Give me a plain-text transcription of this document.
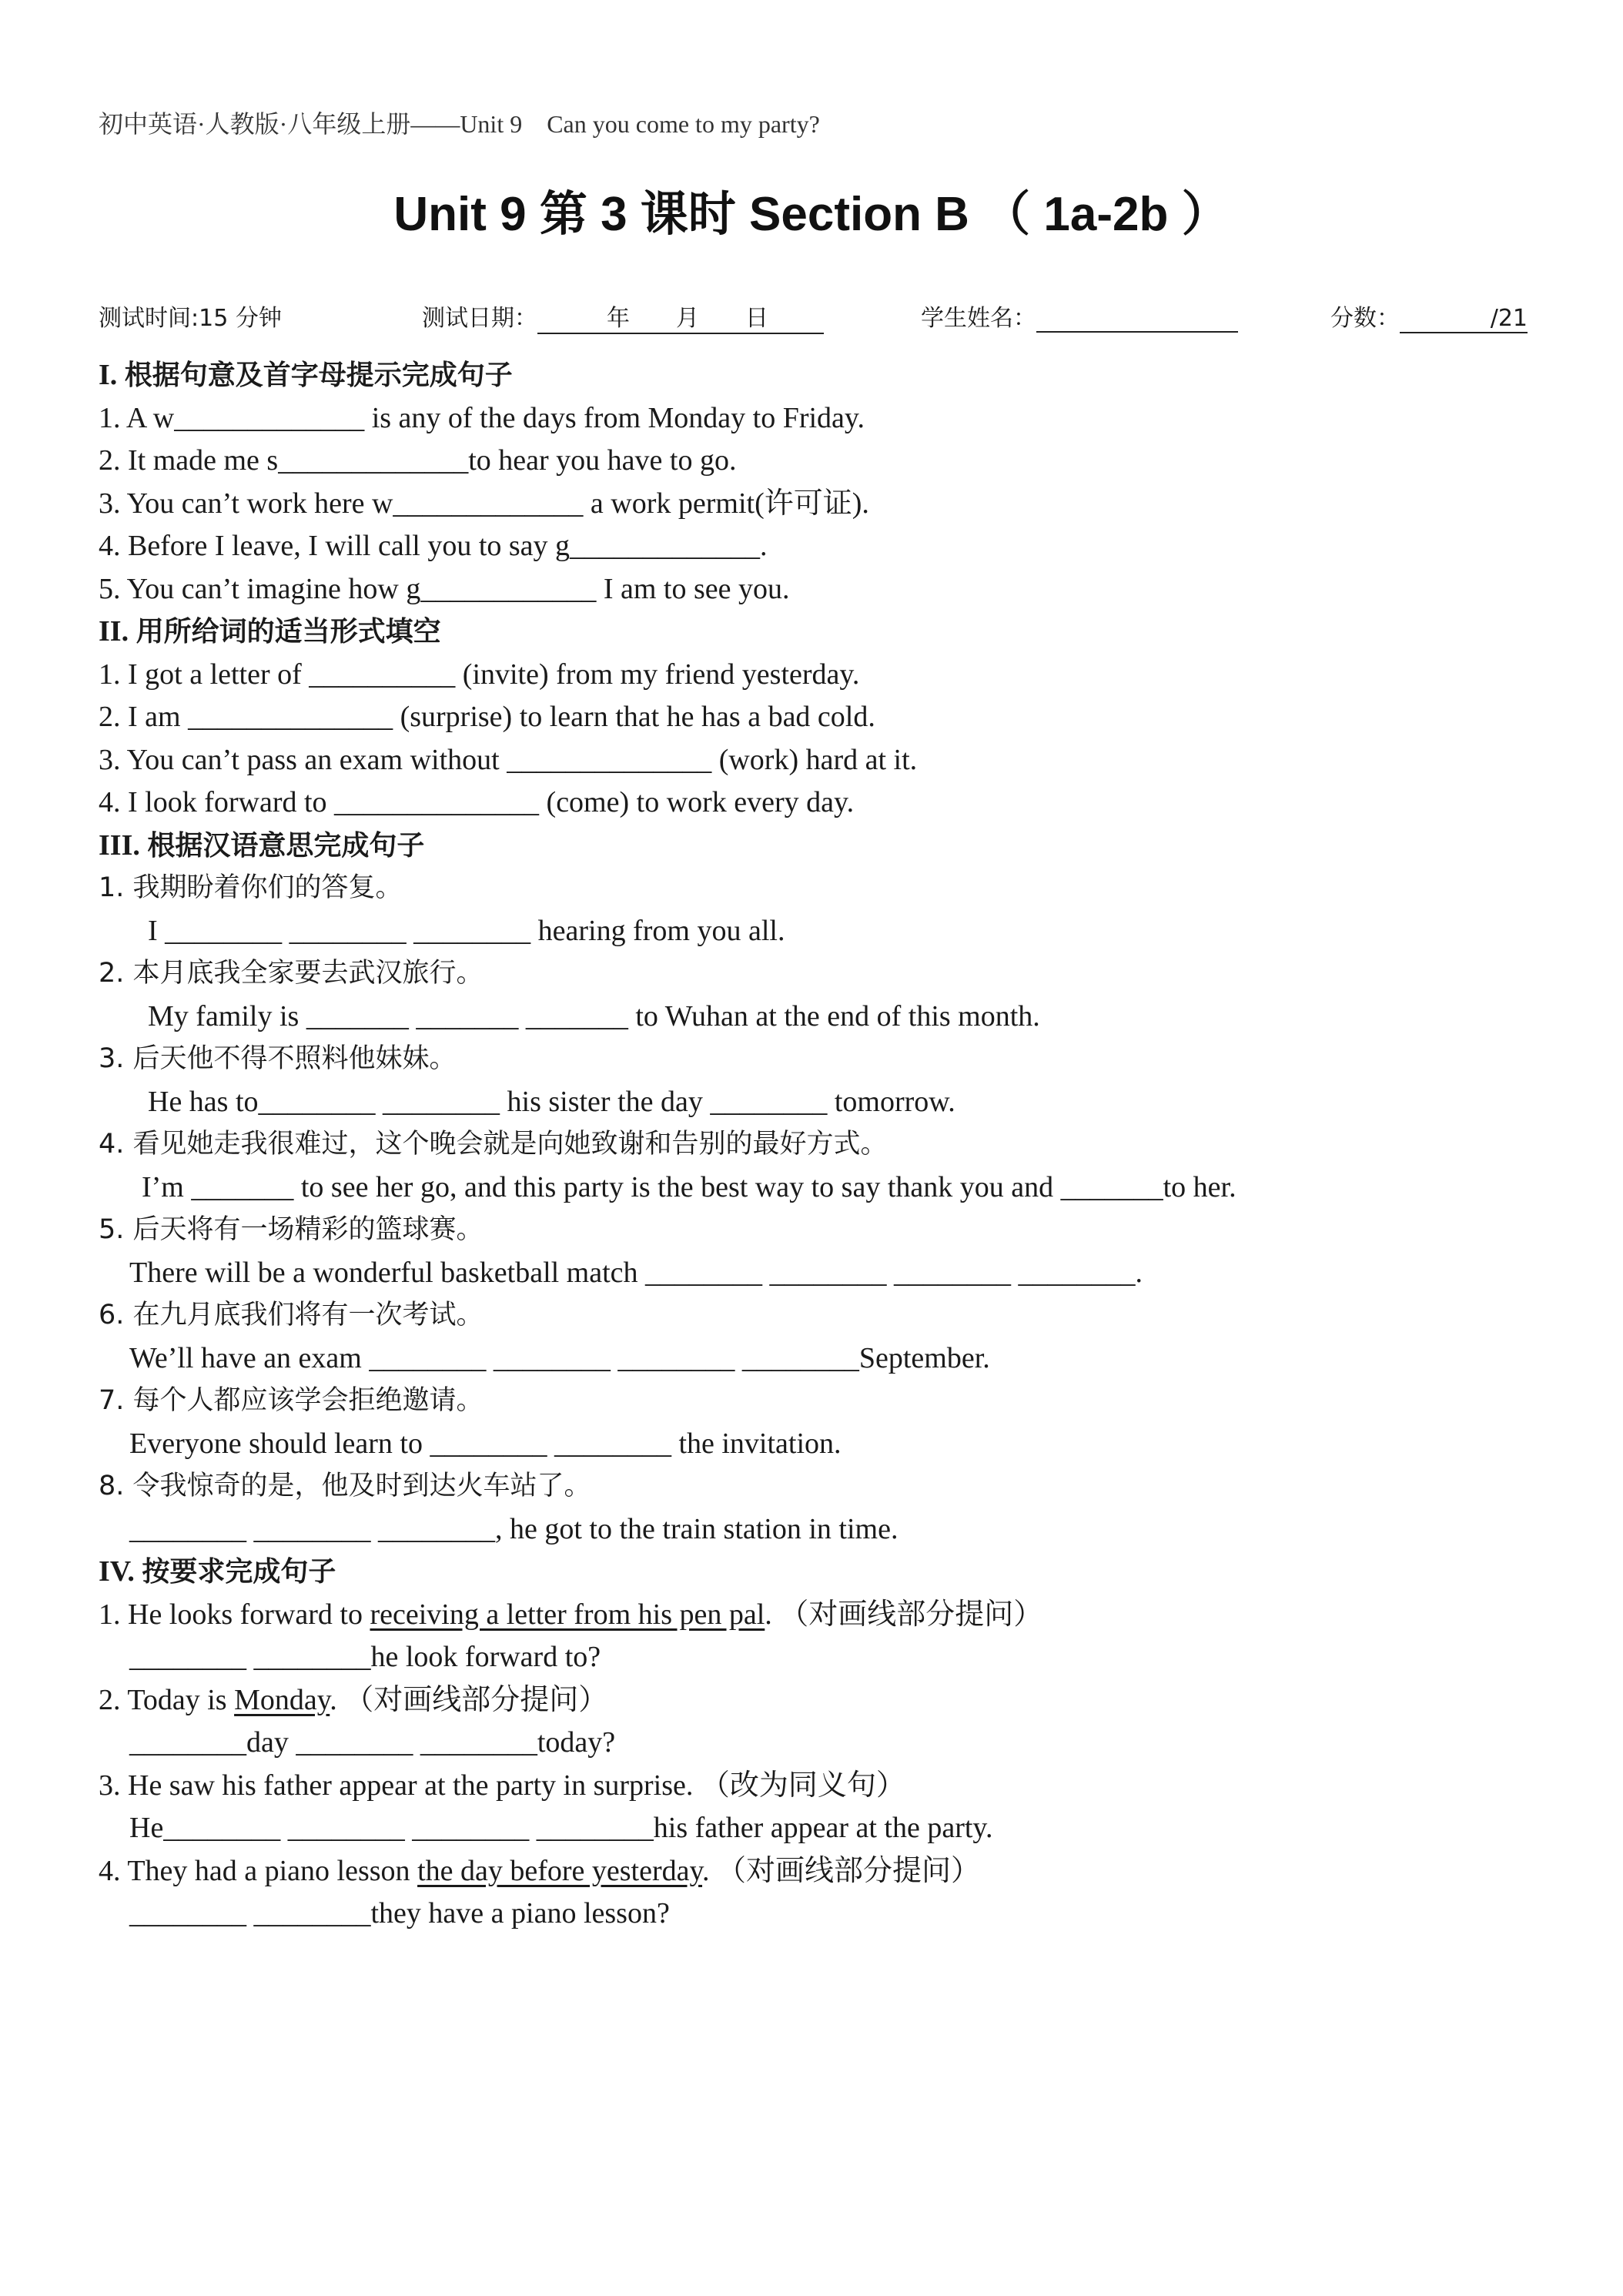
初中英语·人教版·八年级上册——Unit 9　Can you come to my party?
Unit 9 第 3 课时 Section B （ 1a-2b ）
测试时间:15 分钟	测试日期：　　　年　　月　　日	学生姓名：	分数：	/21
I. 根据句意及首字母提示完成句子
1. A w_____________ is any of the days from Monday to Friday.
2. It made me s_____________to hear you have to go.
3. You can’t work here w_____________ a work permit(许可证).
4. Before I leave, I will call you to say g_____________.
5. You can’t imagine how g____________ I am to see you.
II. 用所给词的适当形式填空
1. I got a letter of __________ (invite) from my friend yesterday.
2. I am ______________ (surprise) to learn that he has a bad cold.
3. You can’t pass an exam without ______________ (work) hard at it.
4. I look forward to ______________ (come) to work every day.
III. 根据汉语意思完成句子
1. 我期盼着你们的答复。
I ________ ________ ________ hearing from you all.
2. 本月底我全家要去武汉旅行。
My family is _______ _______ _______ to Wuhan at the end of this month.
3. 后天他不得不照料他妹妹。
He has to________ ________ his sister the day ________ tomorrow.
4. 看见她走我很难过，这个晚会就是向她致谢和告别的最好方式。
I’m _______ to see her go, and this party is the best way to say thank you and _______to her.
5. 后天将有一场精彩的篮球赛。
There will be a wonderful basketball match ________ ________ ________ ________.
6. 在九月底我们将有一次考试。
We’ll have an exam ________ ________ ________ ________September.
7. 每个人都应该学会拒绝邀请。
Everyone should learn to ________ ________ the invitation.
8. 令我惊奇的是，他及时到达火车站了。
________ ________ ________, he got to the train station in time.
IV. 按要求完成句子
1. He looks forward to receiving a letter from his pen pal. （对画线部分提问）
________ ________he look forward to?
2. Today is Monday. （对画线部分提问）
________day ________ ________today?
3. He saw his father appear at the party in surprise. （改为同义句）
He________ ________ ________ ________his father appear at the party.
4. They had a piano lesson the day before yesterday. （对画线部分提问）
________ ________they have a piano lesson?
